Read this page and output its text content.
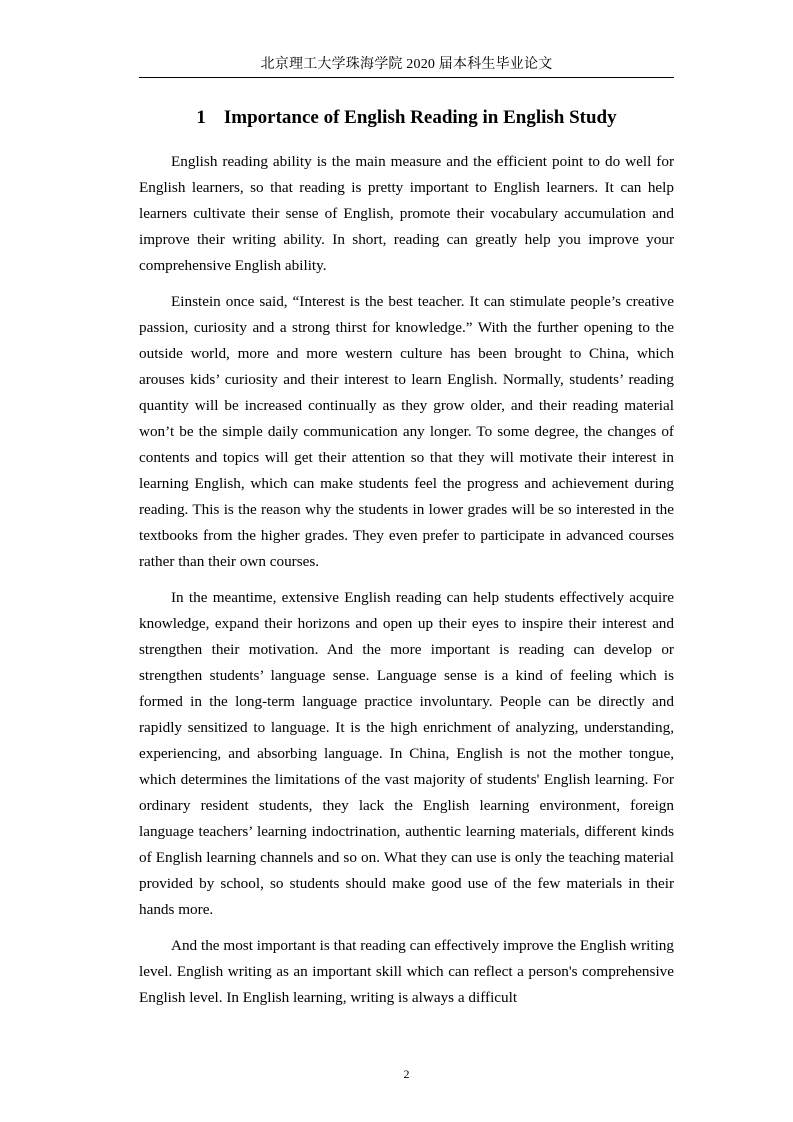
北京理工大学珠海学院 2020 届本科生毕业论文
1 Importance of English Reading in English Study

English reading ability is the main measure and the efficient point to do well for English learners, so that reading is pretty important to English learners. It can help learners cultivate their sense of English, promote their vocabulary accumulation and improve their writing ability. In short, reading can greatly help you improve your comprehensive English ability.

Einstein once said, “Interest is the best teacher. It can stimulate people’s creative passion, curiosity and a strong thirst for knowledge.” With the further opening to the outside world, more and more western culture has been brought to China, which arouses kids’ curiosity and their interest to learn English. Normally, students’ reading quantity will be increased continually as they grow older, and their reading material won’t be the simple daily communication any longer. To some degree, the changes of contents and topics will get their attention so that they will motivate their interest in learning English, which can make students feel the progress and achievement during reading. This is the reason why the students in lower grades will be so interested in the textbooks from the higher grades. They even prefer to participate in advanced courses rather than their own courses.

In the meantime, extensive English reading can help students effectively acquire knowledge, expand their horizons and open up their eyes to inspire their interest and strengthen their motivation. And the more important is reading can develop or strengthen students’ language sense. Language sense is a kind of feeling which is formed in the long-term language practice involuntary. People can be directly and rapidly sensitized to language. It is the high enrichment of analyzing, understanding, experiencing, and absorbing language. In China, English is not the mother tongue, which determines the limitations of the vast majority of students' English learning. For ordinary resident students, they lack the English learning environment, foreign language teachers’ learning indoctrination, authentic learning materials, different kinds of English learning channels and so on. What they can use is only the teaching material provided by school, so students should make good use of the few materials in their hands more.

And the most important is that reading can effectively improve the English writing level. English writing as an important skill which can reflect a person's comprehensive English level. In English learning, writing is always a difficult

2
